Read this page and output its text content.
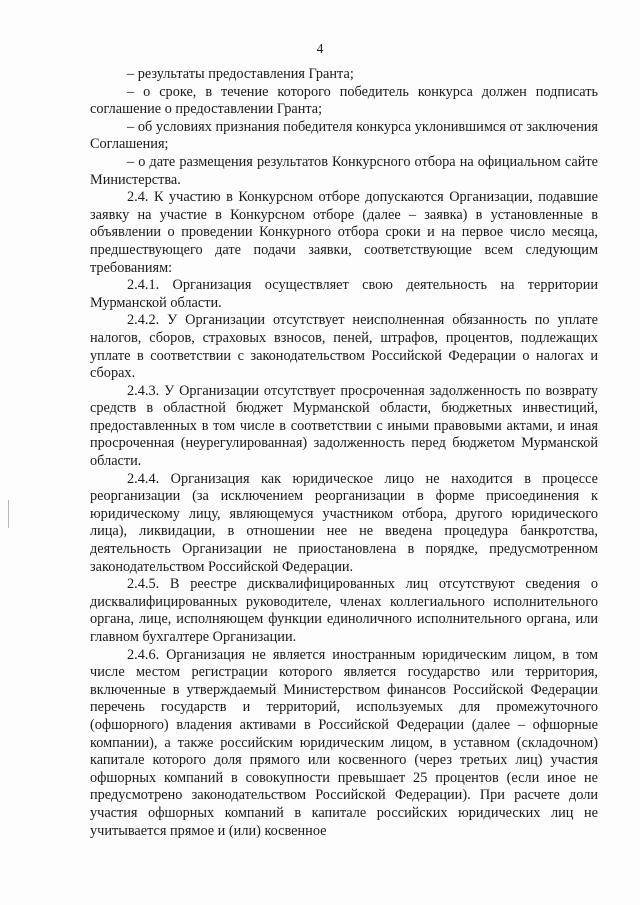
4

– результаты предоставления Гранта;

– о сроке, в течение которого победитель конкурса должен подписать соглашение о предоставлении Гранта;

– об условиях признания победителя конкурса уклонившимся от заключения Соглашения;

– о дате размещения результатов Конкурсного отбора на официальном сайте Министерства.

2.4. К участию в Конкурсном отборе допускаются Организации, подавшие заявку на участие в Конкурсном отборе (далее – заявка) в установленные в объявлении о проведении Конкурного отбора сроки и на первое число месяца, предшествующего дате подачи заявки, соответствующие всем следующим требованиям:

2.4.1. Организация осуществляет свою деятельность на территории Мурманской области.

2.4.2. У Организации отсутствует неисполненная обязанность по уплате налогов, сборов, страховых взносов, пеней, штрафов, процентов, подлежащих уплате в соответствии с законодательством Российской Федерации о налогах и сборах.

2.4.3. У Организации отсутствует просроченная задолженность по возврату средств в областной бюджет Мурманской области, бюджетных инвестиций, предоставленных в том числе в соответствии с иными правовыми актами, и иная просроченная (неурегулированная) задолженность перед бюджетом Мурманской области.

2.4.4. Организация как юридическое лицо не находится в процессе реорганизации (за исключением реорганизации в форме присоединения к юридическому лицу, являющемуся участником отбора, другого юридического лица), ликвидации, в отношении нее не введена процедура банкротства, деятельность Организации не приостановлена в порядке, предусмотренном законодательством Российской Федерации.

2.4.5. В реестре дисквалифицированных лиц отсутствуют сведения о дисквалифицированных руководителе, членах коллегиального исполнительного органа, лице, исполняющем функции единоличного исполнительного органа, или главном бухгалтере Организации.

2.4.6. Организация не является иностранным юридическим лицом, в том числе местом регистрации которого является государство или территория, включенные в утверждаемый Министерством финансов Российской Федерации перечень государств и территорий, используемых для промежуточного (офшорного) владения активами в Российской Федерации (далее – офшорные компании), а также российским юридическим лицом, в уставном (складочном) капитале которого доля прямого или косвенного (через третьих лиц) участия офшорных компаний в совокупности превышает 25 процентов (если иное не предусмотрено законодательством Российской Федерации). При расчете доли участия офшорных компаний в капитале российских юридических лиц не учитывается прямое и (или) косвенное
